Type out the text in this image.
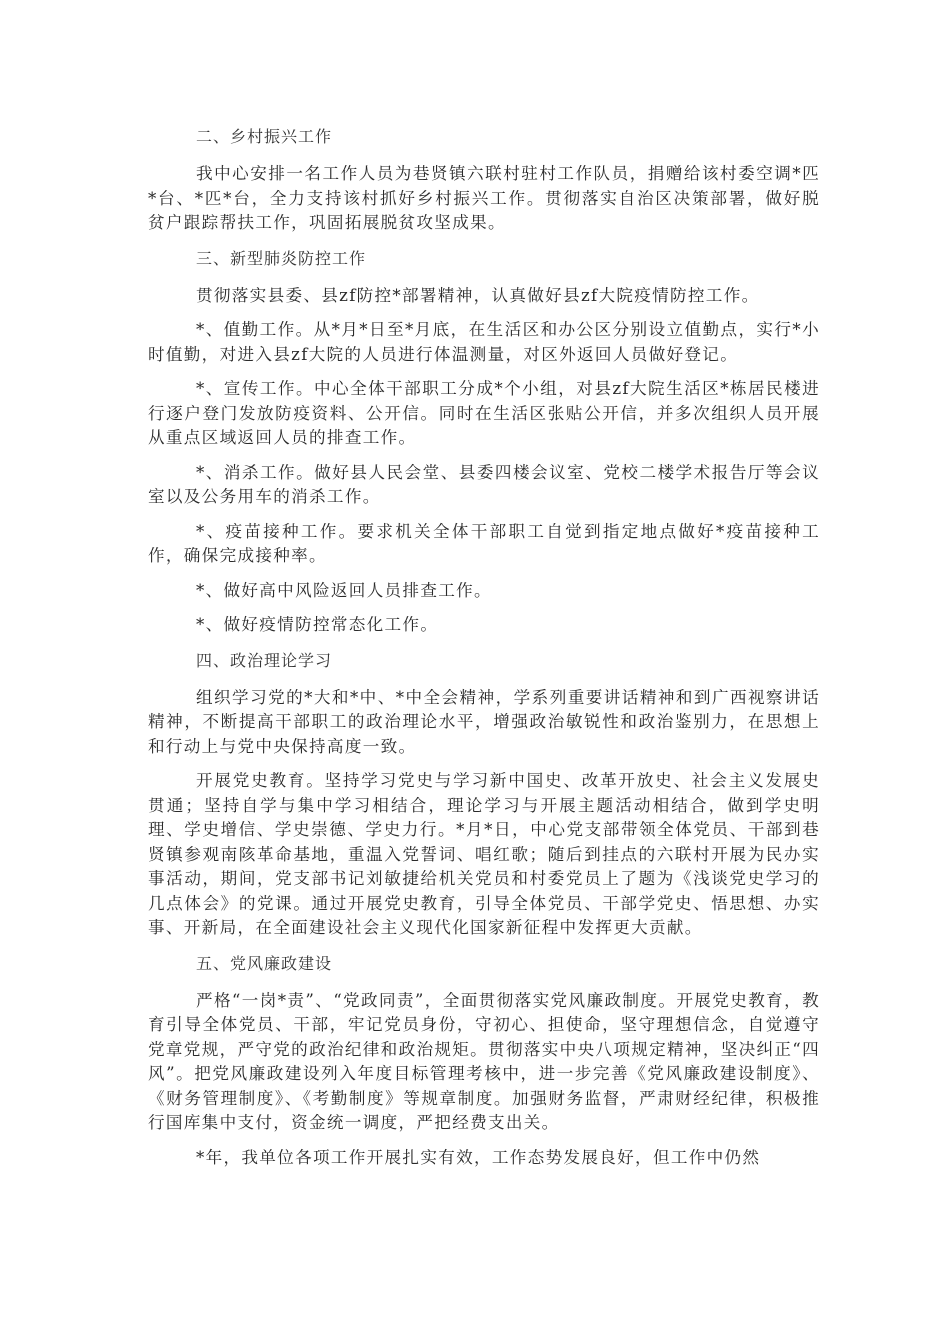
二、乡村振兴工作

我中心安排一名工作人员为巷贤镇六联村驻村工作队员，捐赠给该村委空调*匹*台、*匹*台，全力支持该村抓好乡村振兴工作。贯彻落实自治区决策部署，做好脱贫户跟踪帮扶工作，巩固拓展脱贫攻坚成果。

三、新型肺炎防控工作

贯彻落实县委、县zf防控*部署精神，认真做好县zf大院疫情防控工作。

*、值勤工作。从*月*日至*月底，在生活区和办公区分别设立值勤点，实行*小时值勤，对进入县zf大院的人员进行体温测量，对区外返回人员做好登记。

*、宣传工作。中心全体干部职工分成*个小组，对县zf大院生活区*栋居民楼进行逐户登门发放防疫资料、公开信。同时在生活区张贴公开信，并多次组织人员开展从重点区域返回人员的排查工作。

*、消杀工作。做好县人民会堂、县委四楼会议室、党校二楼学术报告厅等会议室以及公务用车的消杀工作。

*、疫苗接种工作。要求机关全体干部职工自觉到指定地点做好*疫苗接种工作，确保完成接种率。

*、做好高中风险返回人员排查工作。

*、做好疫情防控常态化工作。

四、政治理论学习

组织学习党的*大和*中、*中全会精神，学系列重要讲话精神和到广西视察讲话精神，不断提高干部职工的政治理论水平，增强政治敏锐性和政治鉴别力，在思想上和行动上与党中央保持高度一致。

开展党史教育。坚持学习党史与学习新中国史、改革开放史、社会主义发展史贯通；坚持自学与集中学习相结合，理论学习与开展主题活动相结合，做到学史明理、学史增信、学史崇德、学史力行。*月*日，中心党支部带领全体党员、干部到巷贤镇参观南陔革命基地，重温入党誓词、唱红歌；随后到挂点的六联村开展为民办实事活动，期间，党支部书记刘敏捷给机关党员和村委党员上了题为《浅谈党史学习的几点体会》的党课。通过开展党史教育，引导全体党员、干部学党史、悟思想、办实事、开新局，在全面建设社会主义现代化国家新征程中发挥更大贡献。

五、党风廉政建设

严格“一岗*责”、“党政同责”，全面贯彻落实党风廉政制度。开展党史教育，教育引导全体党员、干部，牢记党员身份，守初心、担使命，坚守理想信念，自觉遵守党章党规，严守党的政治纪律和政治规矩。贯彻落实中央八项规定精神，坚决纠正“四风”。把党风廉政建设列入年度目标管理考核中，进一步完善《党风廉政建设制度》、《财务管理制度》、《考勤制度》等规章制度。加强财务监督，严肃财经纪律，积极推行国库集中支付，资金统一调度，严把经费支出关。

*年，我单位各项工作开展扎实有效，工作态势发展良好，但工作中仍然
